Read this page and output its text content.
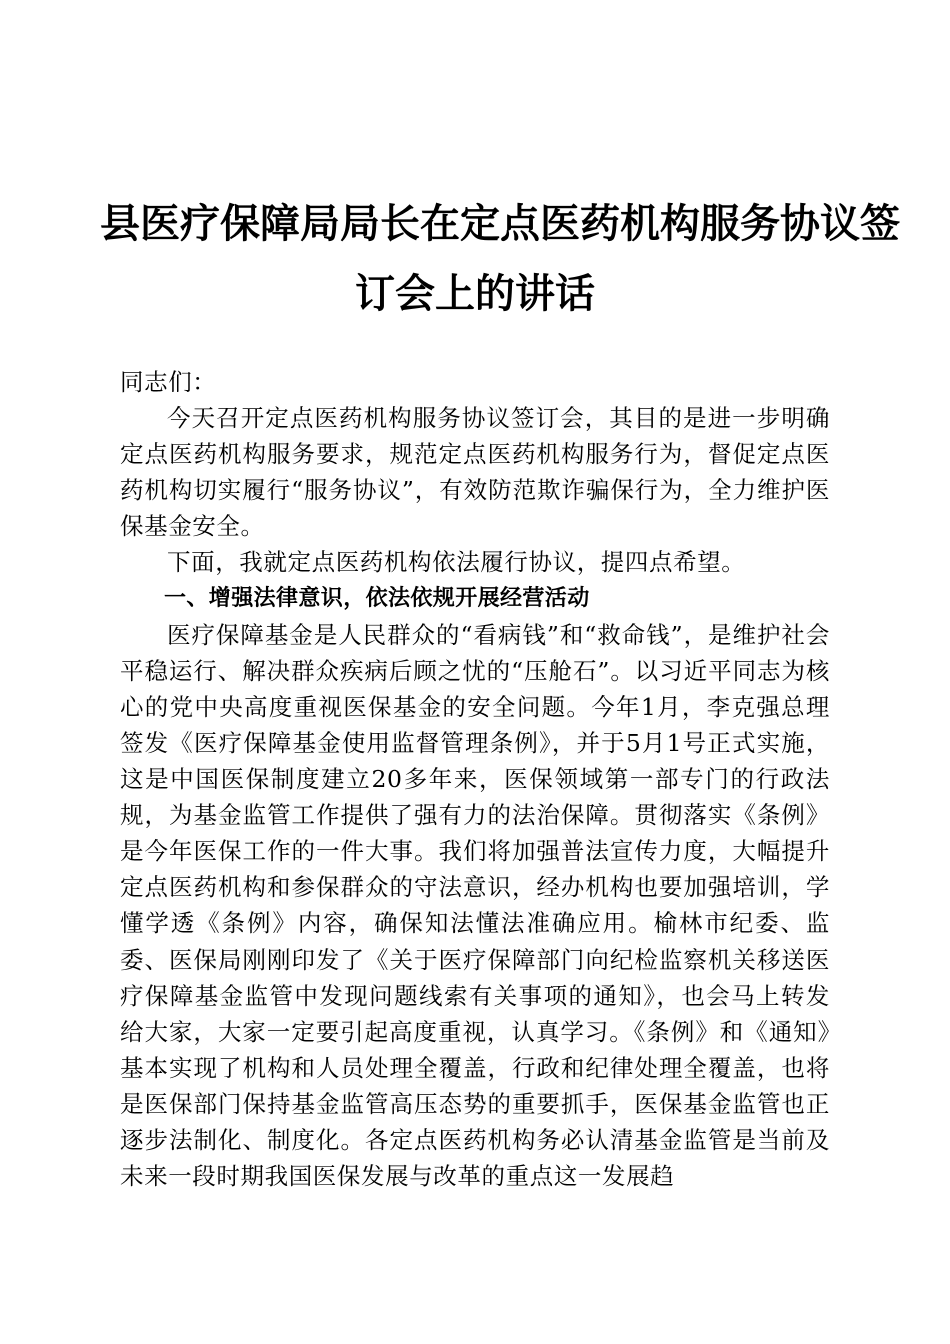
县医疗保障局局长在定点医药机构服务协议签
订会上的讲话

同志们：

今天召开定点医药机构服务协议签订会，其目的是进一步明确定点医药机构服务要求，规范定点医药机构服务行为，督促定点医药机构切实履行“服务协议”，有效防范欺诈骗保行为，全力维护医保基金安全。

下面，我就定点医药机构依法履行协议，提四点希望。

一、增强法律意识，依法依规开展经营活动

医疗保障基金是人民群众的“看病钱”和“救命钱”，是维护社会平稳运行、解决群众疾病后顾之忧的“压舱石”。以习近平同志为核心的党中央高度重视医保基金的安全问题。今年1月，李克强总理签发《医疗保障基金使用监督管理条例》，并于5月1号正式实施，这是中国医保制度建立20多年来，医保领域第一部专门的行政法规，为基金监管工作提供了强有力的法治保障。贯彻落实《条例》是今年医保工作的一件大事。我们将加强普法宣传力度，大幅提升定点医药机构和参保群众的守法意识，经办机构也要加强培训，学懂学透《条例》内容，确保知法懂法准确应用。榆林市纪委、监委、医保局刚刚印发了《关于医疗保障部门向纪检监察机关移送医疗保障基金监管中发现问题线索有关事项的通知》，也会马上转发给大家，大家一定要引起高度重视，认真学习。《条例》和《通知》基本实现了机构和人员处理全覆盖，行政和纪律处理全覆盖，也将是医保部门保持基金监管高压态势的重要抓手，医保基金监管也正逐步法制化、制度化。各定点医药机构务必认清基金监管是当前及未来一段时期我国医保发展与改革的重点这一发展趋
